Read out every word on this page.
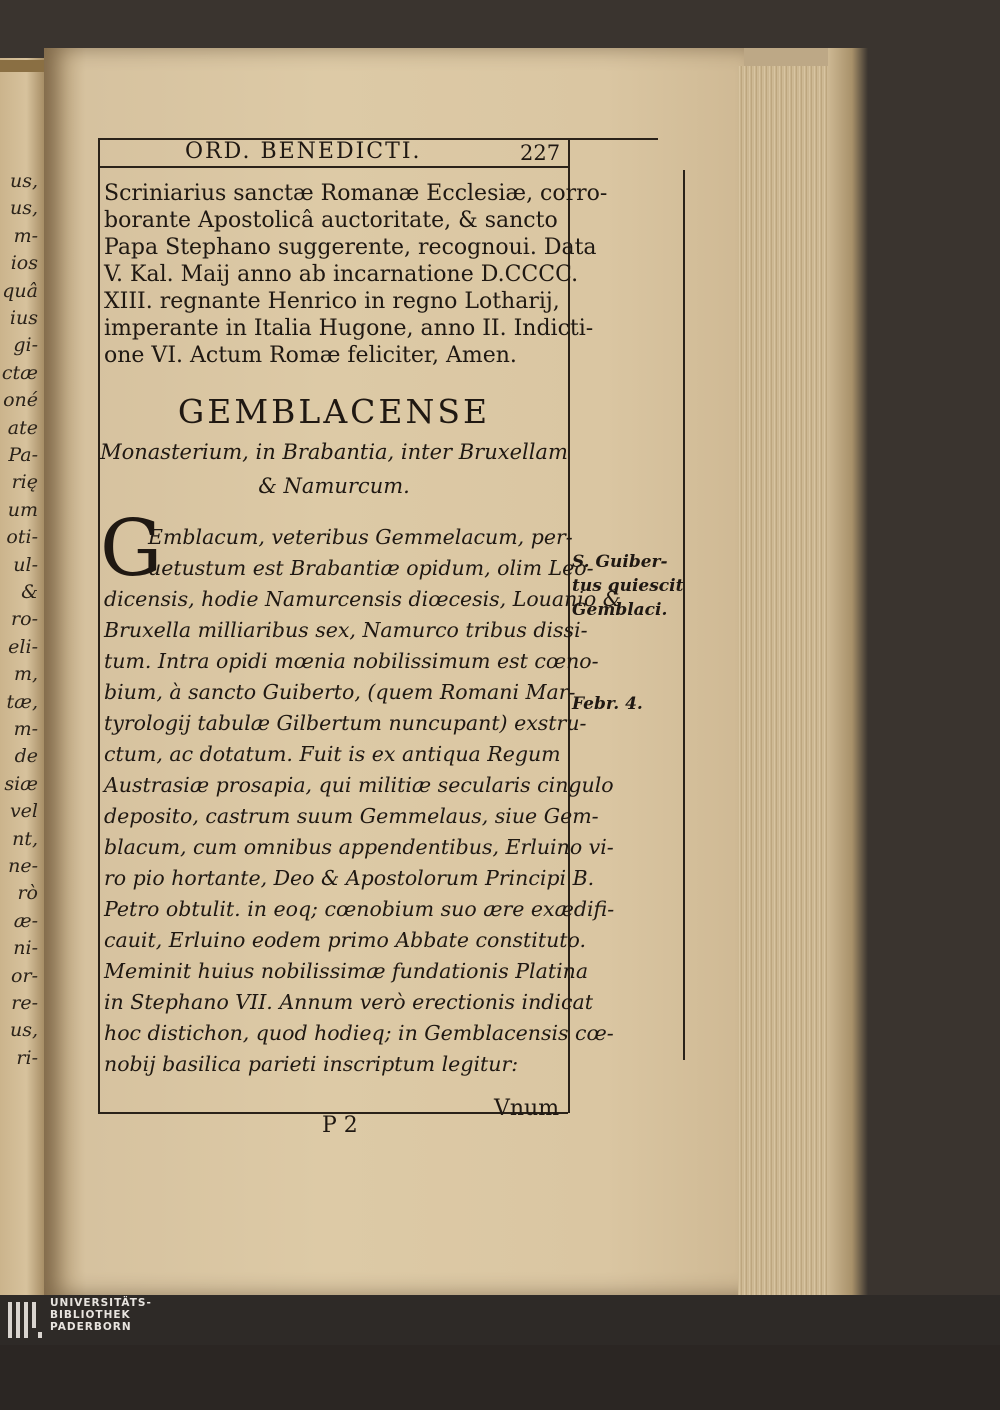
us,
us,
m-
ios
quâ
ius
gi-
ctæ
oné
ate
Pa-
rię
um
oti-
ul-
&
ro-
eli-
m,
tæ,
m-
de
siæ
vel
nt,
ne-
rò
æ-
ni-
or-
re-
us,
ri-
ORD. BENEDICTI.	227
Scriniarius sanctæ Romanæ Ecclesiæ, corro-
borante Apostolicâ auctoritate, & sancto
Papa Stephano suggerente, recognoui. Data
V. Kal. Maij anno ab incarnatione D.CCCC.
XIII. regnante Henrico in regno Lotharij,
imperante in Italia Hugone, anno II. Indicti-
one VI. Actum Romæ feliciter, Amen.
GEMBLACENSE
Monasterium, in Brabantia, inter Bruxellam
& Namurcum.
G
Emblacum, veteribus Gemmelacum, per-
uetustum est Brabantiæ opidum, olim Leo-
dicensis, hodie Namurcensis diœcesis, Louanio &
Bruxella milliaribus sex, Namurco tribus dissi-
tum. Intra opidi mœnia nobilissimum est cœno-
bium, à sancto Guiberto, (quem Romani Mar-
tyrologij tabulæ Gilbertum nuncupant) exstru-
ctum, ac dotatum. Fuit is ex antiqua Regum
Austrasiæ prosapia, qui militiæ secularis cingulo
deposito, castrum suum Gemmelaus, siue Gem-
blacum, cum omnibus appendentibus, Erluino vi-
ro pio hortante, Deo & Apostolorum Principi B.
Petro obtulit. in eoq; cœnobium suo ære exædifi-
cauit, Erluino eodem primo Abbate constituto.
Meminit huius nobilissimæ fundationis Platina
in Stephano VII. Annum verò erectionis indicat
hoc distichon, quod hodieq; in Gemblacensis cœ-
nobij basilica parieti inscriptum legitur:
S. Guiber-
tus quiescit
Gemblaci.
Febr. 4.
P 2
Vnum
UNIVERSITÄTS-
BIBLIOTHEK
PADERBORN
